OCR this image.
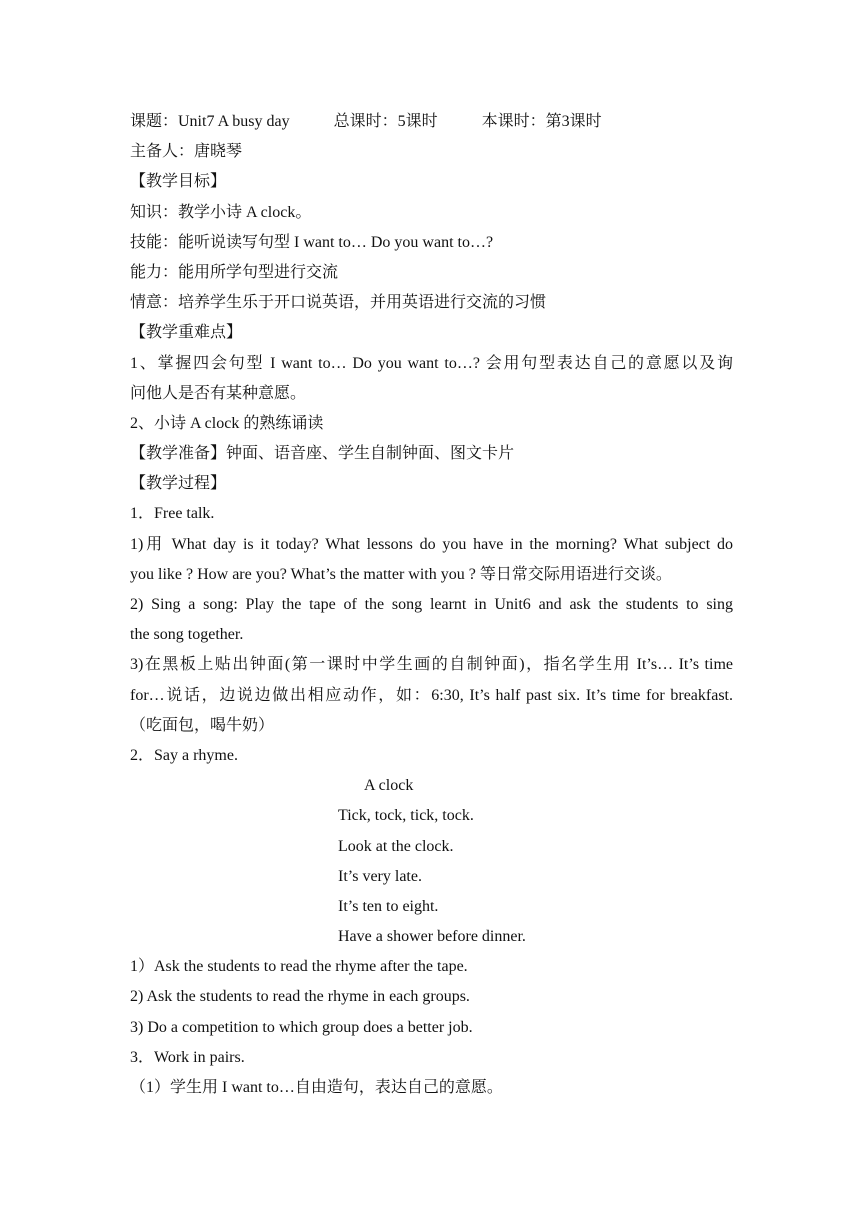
课题：Unit7 A busy day	总课时：5课时	本课时：第3课时
主备人：唐晓琴
【教学目标】
知识：教学小诗 A clock。
技能：能听说读写句型 I want to… Do you want to…?
能力：能用所学句型进行交流
情意：培养学生乐于开口说英语，并用英语进行交流的习惯
【教学重难点】
1、掌握四会句型 I want to… Do you want to…? 会用句型表达自己的意愿以及询
问他人是否有某种意愿。
2、小诗 A clock 的熟练诵读
【教学准备】钟面、语音座、学生自制钟面、图文卡片
【教学过程】
1．Free talk.
1)用 What day is it today? What lessons do you have in the morning? What subject do
you like ? How are you? What’s the matter with you ? 等日常交际用语进行交谈。
2) Sing a song: Play the tape of the song learnt in Unit6 and ask the students to sing
the song together.
3)在黑板上贴出钟面(第一课时中学生画的自制钟面)，指名学生用 It’s… It’s time
for…说话，边说边做出相应动作，如：6:30, It’s half past six. It’s time for breakfast.
（吃面包，喝牛奶）
2．Say a rhyme.
A clock
Tick, tock, tick, tock.
Look at the clock.
It’s very late.
It’s ten to eight.
Have a shower before dinner.
1）Ask the students to read the rhyme after the tape.
2) Ask the students to read the rhyme in each groups.
3) Do a competition to which group does a better job.
3．Work in pairs.
（1）学生用 I want to…自由造句，表达自己的意愿。
